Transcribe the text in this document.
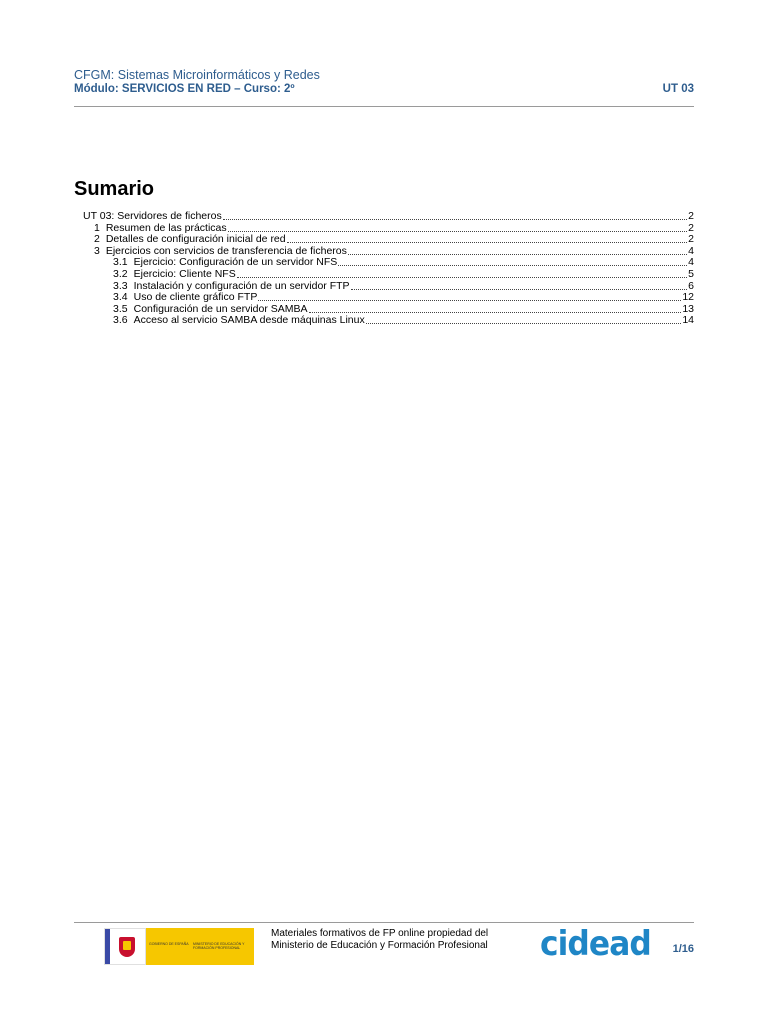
CFGM: Sistemas Microinformáticos y Redes
Módulo: SERVICIOS EN RED – Curso: 2º	UT 03
Sumario
UT 03: Servidores de ficheros	2
1 Resumen de las prácticas	2
2 Detalles de configuración inicial de red	2
3 Ejercicios con servicios de transferencia de ficheros	4
3.1 Ejercicio: Configuración de un servidor NFS	4
3.2 Ejercicio: Cliente NFS	5
3.3 Instalación y configuración de un servidor FTP	6
3.4 Uso de cliente gráfico FTP	12
3.5 Configuración de un servidor SAMBA	13
3.6 Acceso al servicio SAMBA desde máquinas Linux	14
GOBIERNO DE ESPAÑA MINISTERIO DE EDUCACIÓN Y FORMACIÓN PROFESIONAL
Materiales formativos de FP online propiedad del
Ministerio de Educación y Formación Profesional cidead 1/16
